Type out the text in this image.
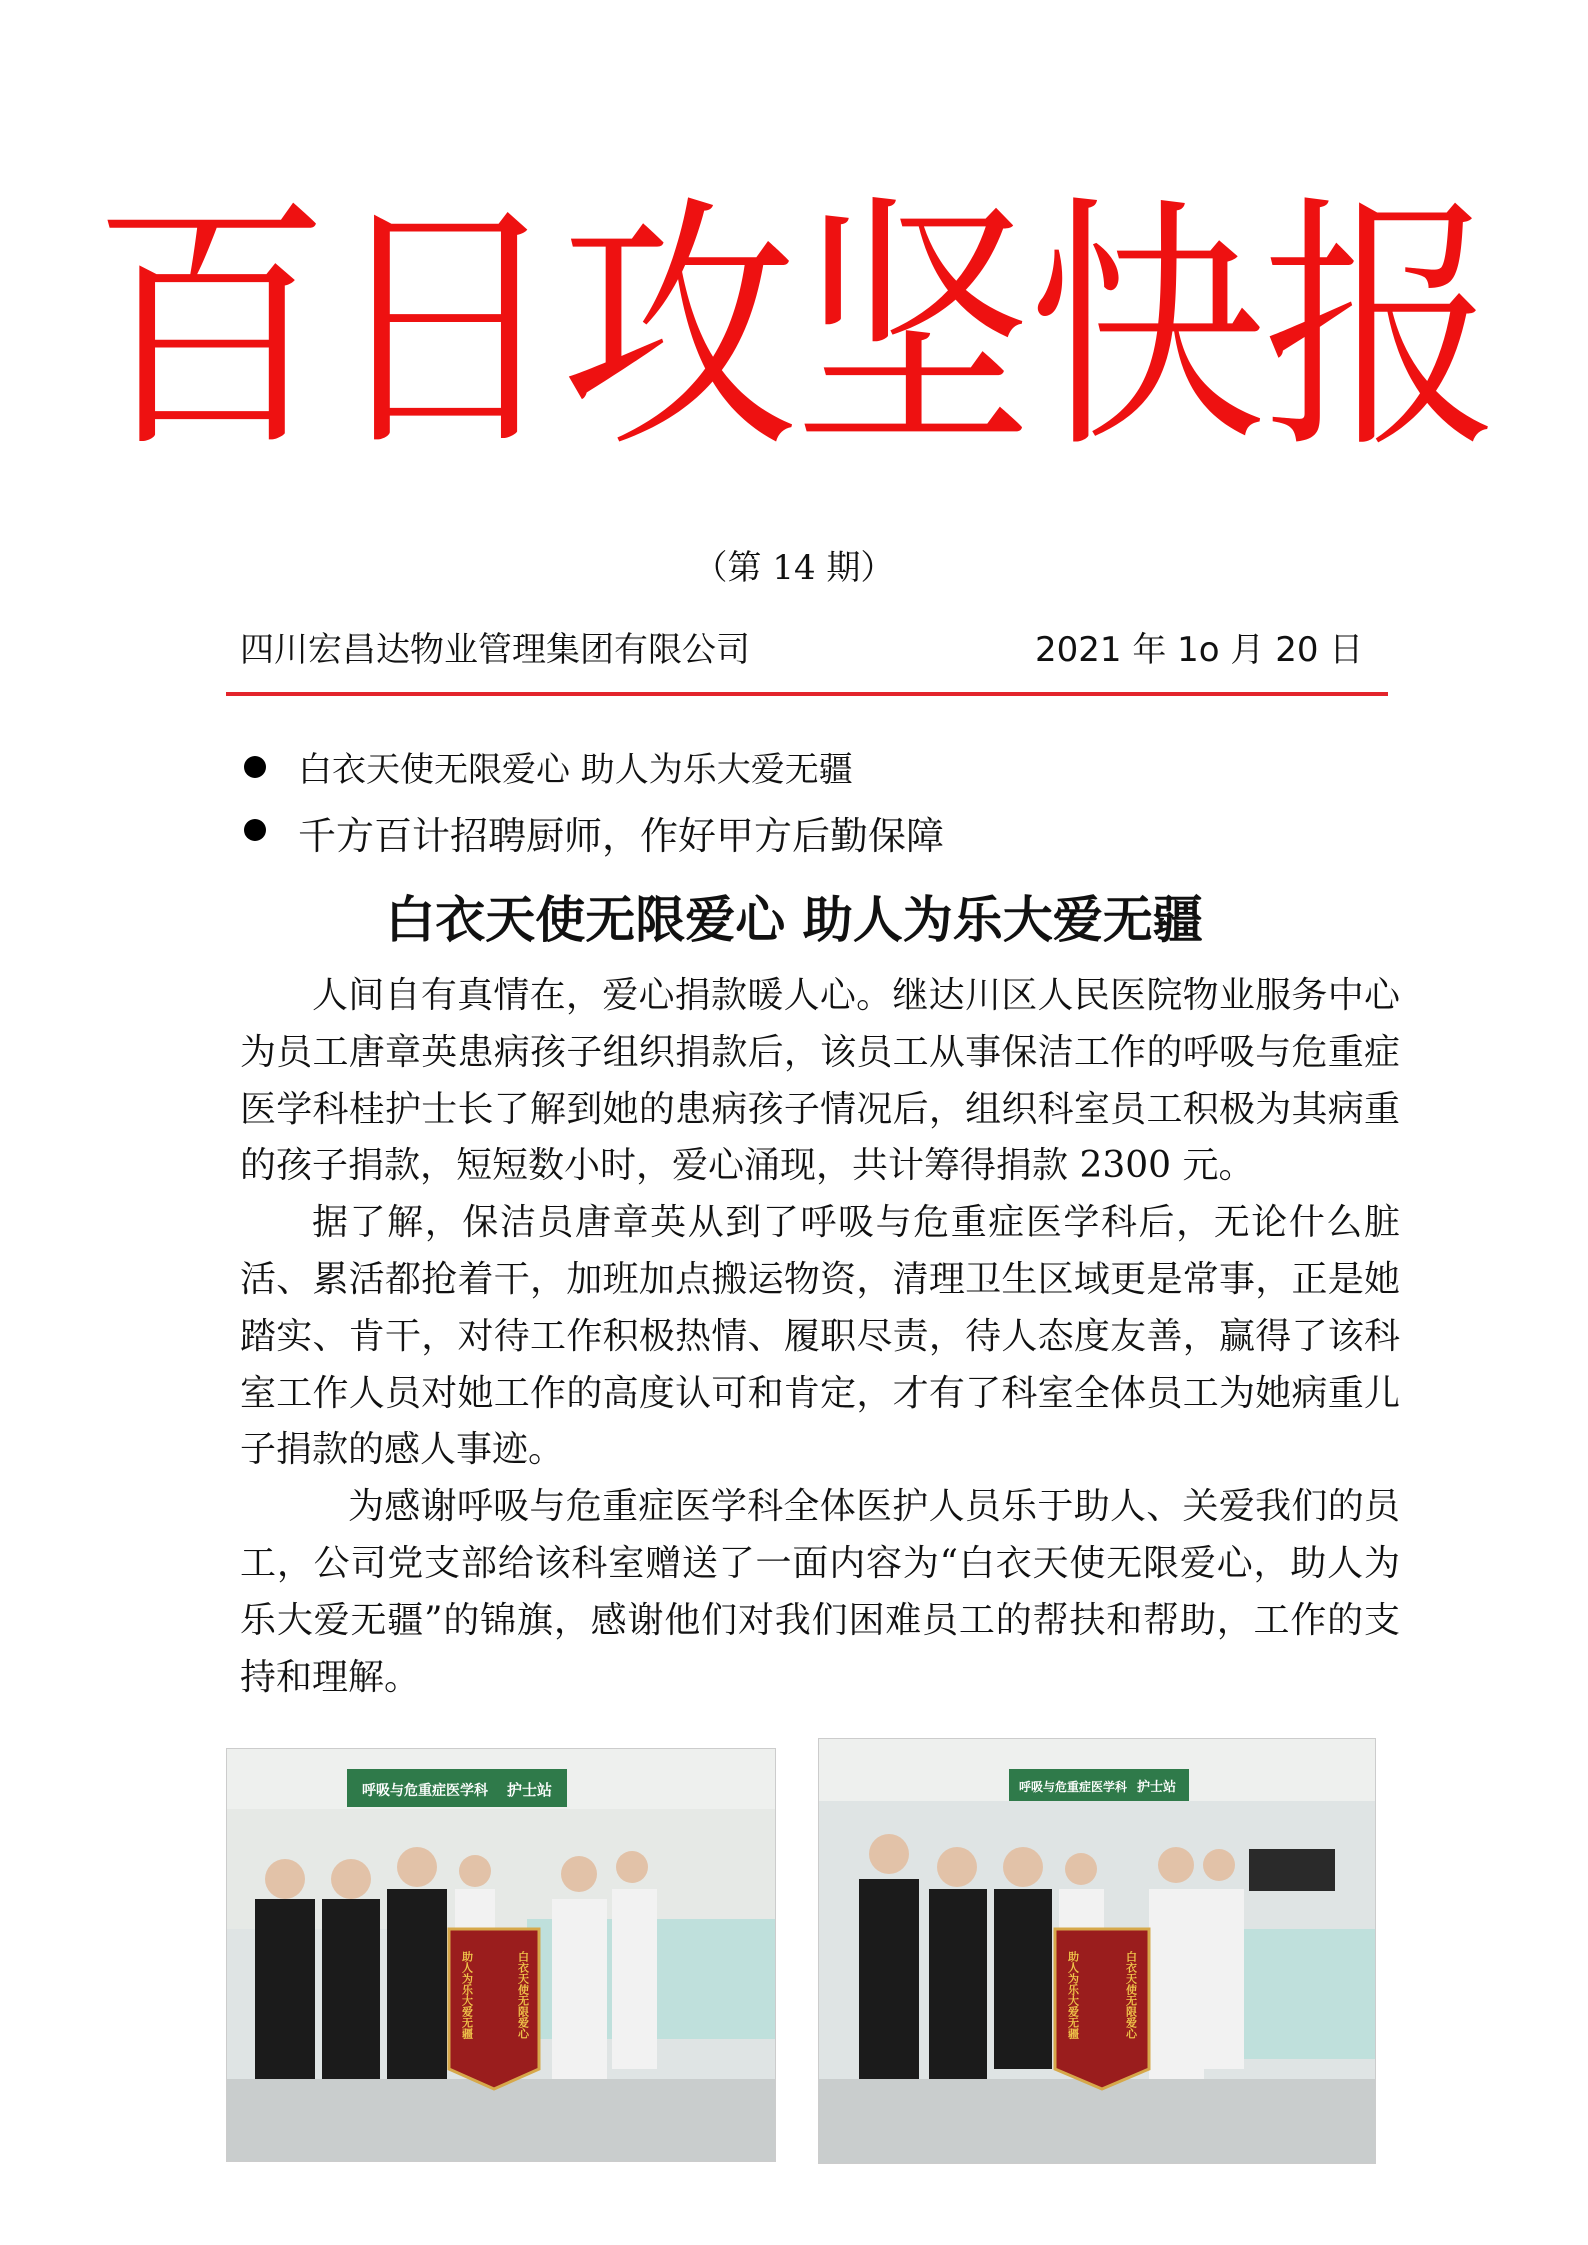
百日攻坚快报
（第 14 期）
四川宏昌达物业管理集团有限公司	2021 年 1o 月 20 日
白衣天使无限爱心 助人为乐大爱无疆
千方百计招聘厨师，作好甲方后勤保障
白衣天使无限爱心 助人为乐大爱无疆

人间自有真情在，爱心捐款暖人心。继达川区人民医院物业服务中心为员工唐章英患病孩子组织捐款后，该员工从事保洁工作的呼吸与危重症医学科桂护士长了解到她的患病孩子情况后，组织科室员工积极为其病重的孩子捐款，短短数小时，爱心涌现，共计筹得捐款 2300 元。

据了解，保洁员唐章英从到了呼吸与危重症医学科后，无论什么脏活、累活都抢着干，加班加点搬运物资，清理卫生区域更是常事，正是她踏实、肯干，对待工作积极热情、履职尽责，待人态度友善，赢得了该科室工作人员对她工作的高度认可和肯定，才有了科室全体员工为她病重儿子捐款的感人事迹。

为感谢呼吸与危重症医学科全体医护人员乐于助人、关爱我们的员工，公司党支部给该科室赠送了一面内容为“白衣天使无限爱心，助人为乐大爱无疆”的锦旗，感谢他们对我们困难员工的帮扶和帮助，工作的支持和理解。

呼吸与危重症医学科 护士站
白衣天使无限爱心
助人为乐大爱无疆
呼吸与危重症医学科 护士站
白衣天使无限爱心
助人为乐大爱无疆
